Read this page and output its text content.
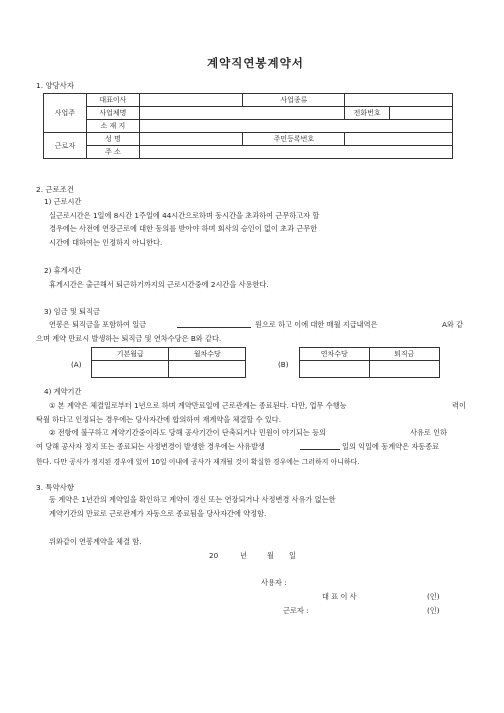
계약직연봉계약서
1. 양당사자
사업주	대표이사		사업종류		
	사업체명			전화번호	
	소 재 지				
근로자	성 명		주민등록번호		
	주 소				
2. 근로조건
1) 근로시간
실근로시간은 1일에 8시간 1주일에 44시간으로하며 동시간을 초과하여 근무하고자 할
경우에는 사전에 연장근로에 대한 동의를 받아야 하며 회사의 승인이 없이 초과 근무한
시간에 대하여는 인정하지 아니한다.
2) 휴게시간
휴게시간은 출근해서 퇴근하기까지의 근로시간중에 2시간을 사용한다.
3) 임금 및 퇴직금
연봉은 퇴직금을 포함하여 일금	원으로 하고 이에 대한 매월 지급내역은	A와 같
으며 계약 만료시 발생하는 퇴직금 및 연차수당은 B와 같다.
(A)
기본월급	월차수당

(B)
연차수당	퇴직금

4) 계약기간
① 본 계약은 체결일로부터 1년으로 하며 계약만료일에 근로관계는 종료된다. 다만, 업무 수행능	력이
탁월 하다고 인정되는 경우에는 당사자간에 합의하여 재계약을 체결할 수 있다.
② 전항에 불구하고 계약기간중이라도 당해 공사기간이 단축되거나 민원이 야기되는 등의	사유로 인하
여 당해 공사자 정지 또는 종료되는 사정변경이 발생한 경우에는 사유발생	일의 익일에 동계약은 자동종료
한다. 다만 공사가 정지된 경우에 있어 10일 이내에 공사가 재개될 것이 확실한 경우에는 그러하지 아니하다.
3. 특약사항
동 계약은 1년간의 계약일을 확인하고 계약이 갱신 또는 연장되거나 사정변경 사유가 없는한
계약기간의 만료로 근로관계가 자동으로 종료됨을 당사자간에 약정함.
위와같이 연봉계약을 체결 함.
20	년	월 일
사용자 :
대 표 이 사	(인)
근로자 :	(인)
